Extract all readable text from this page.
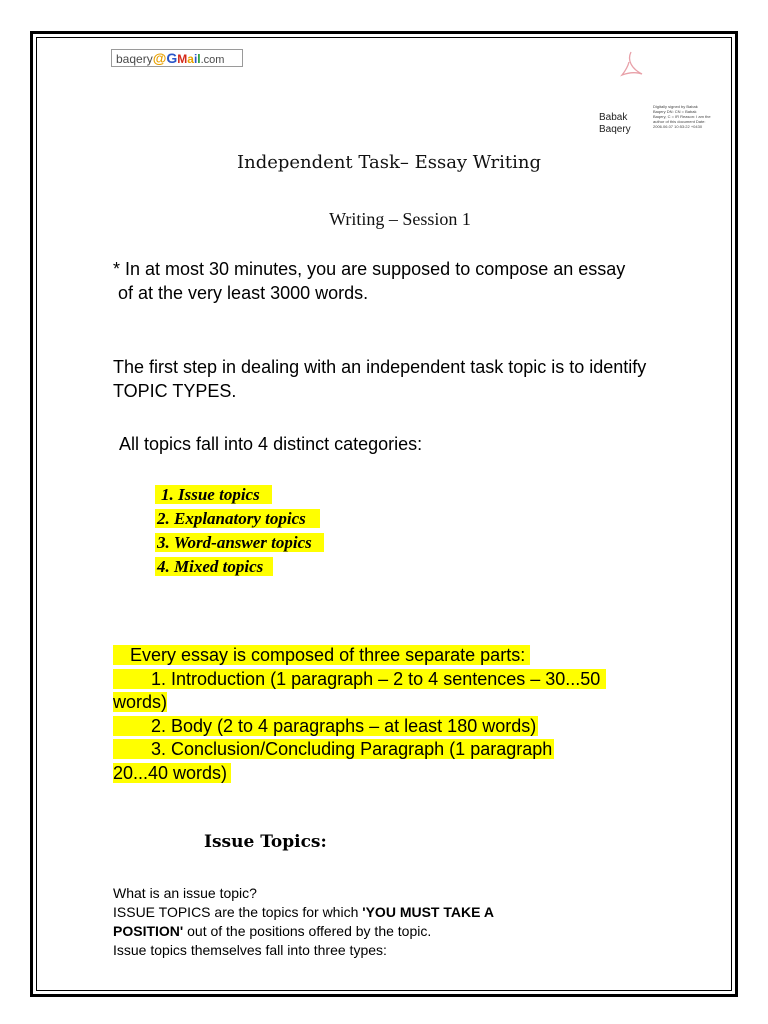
baqery@GMail.com
Babak
Baqery
Digitally signed by Babak Baqery DN: CN = Babak Baqery, C = IR Reason: I am the author of this document Date: 2006.06.07 10:53:22 +0430
Independent Task– Essay Writing
Writing – Session 1
* In at most 30 minutes, you are supposed to compose an essay
of at the very least 3000 words.
The first step in dealing with an independent task topic is to identify
TOPIC TYPES.
All topics fall into 4 distinct categories:
1. Issue topics
2. Explanatory topics
3. Word-answer topics
4. Mixed topics
Every essay is composed of three separate parts:
1. Introduction (1 paragraph – 2 to 4 sentences – 30...50
words)
2. Body (2 to 4 paragraphs – at least 180 words)
3. Conclusion/Concluding Paragraph (1 paragraph
20...40 words)
Issue Topics:
What is an issue topic?
ISSUE TOPICS are the topics for which 'YOU MUST TAKE A
POSITION' out of the positions offered by the topic.
Issue topics themselves fall into three types:
